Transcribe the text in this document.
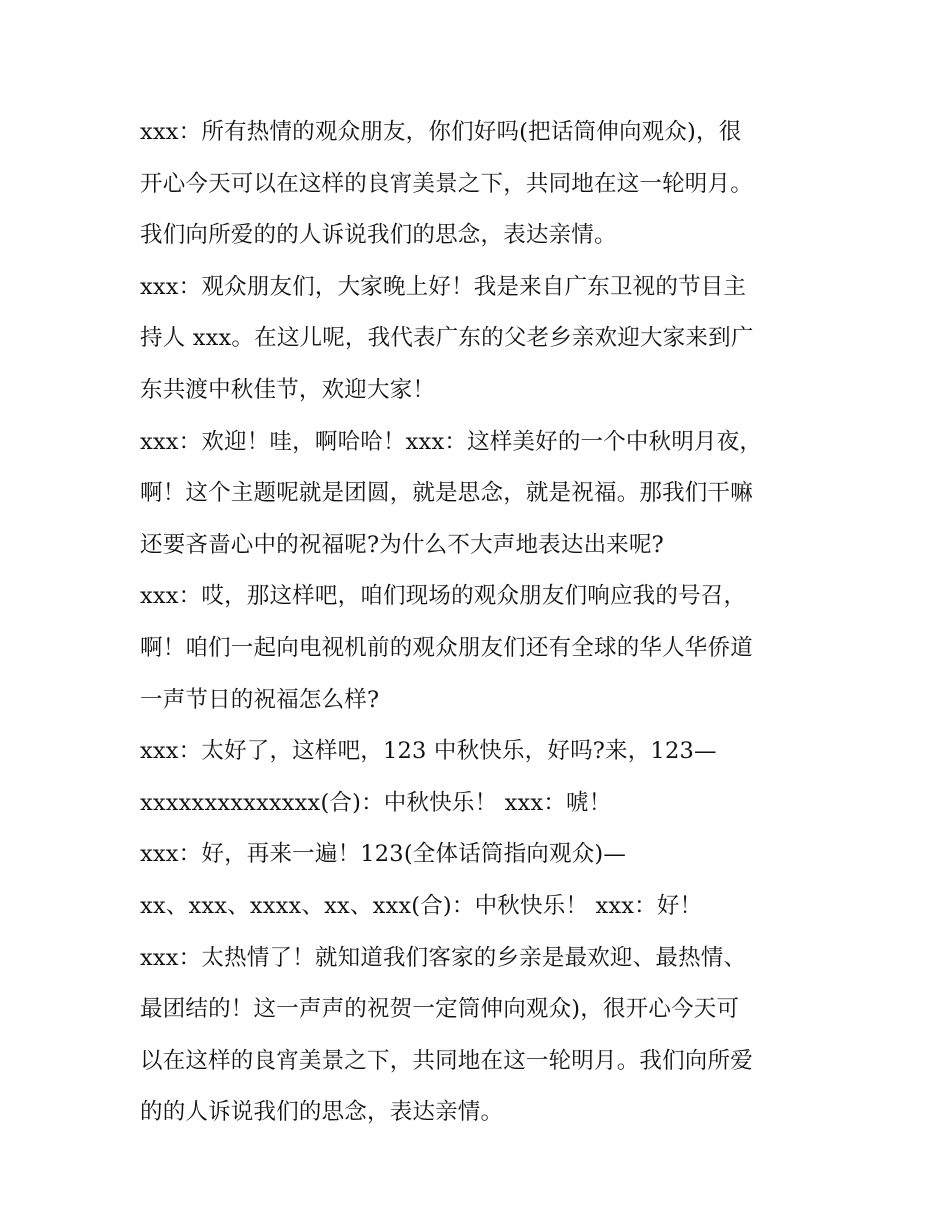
xxx：所有热情的观众朋友，你们好吗(把话筒伸向观众)，很
开心今天可以在这样的良宵美景之下，共同地在这一轮明月。
我们向所爱的的人诉说我们的思念，表达亲情。
xxx：观众朋友们，大家晚上好！我是来自广东卫视的节目主
持人 xxx。在这儿呢，我代表广东的父老乡亲欢迎大家来到广
东共渡中秋佳节，欢迎大家！
xxx：欢迎！哇，啊哈哈！xxx：这样美好的一个中秋明月夜，
啊！这个主题呢就是团圆，就是思念，就是祝福。那我们干嘛
还要吝啬心中的祝福呢?为什么不大声地表达出来呢?
xxx：哎，那这样吧，咱们现场的观众朋友们响应我的号召，
啊！咱们一起向电视机前的观众朋友们还有全球的华人华侨道
一声节日的祝福怎么样?
xxx：太好了，这样吧，123 中秋快乐，好吗?来，123—
xxxxxxxxxxxxxx(合)：中秋快乐！ xxx：唬！
xxx：好，再来一遍！123(全体话筒指向观众)—
xx、xxx、xxxx、xx、xxx(合)：中秋快乐！ xxx：好！
xxx：太热情了！就知道我们客家的乡亲是最欢迎、最热情、
最团结的！这一声声的祝贺一定筒伸向观众)，很开心今天可
以在这样的良宵美景之下，共同地在这一轮明月。我们向所爱
的的人诉说我们的思念，表达亲情。
